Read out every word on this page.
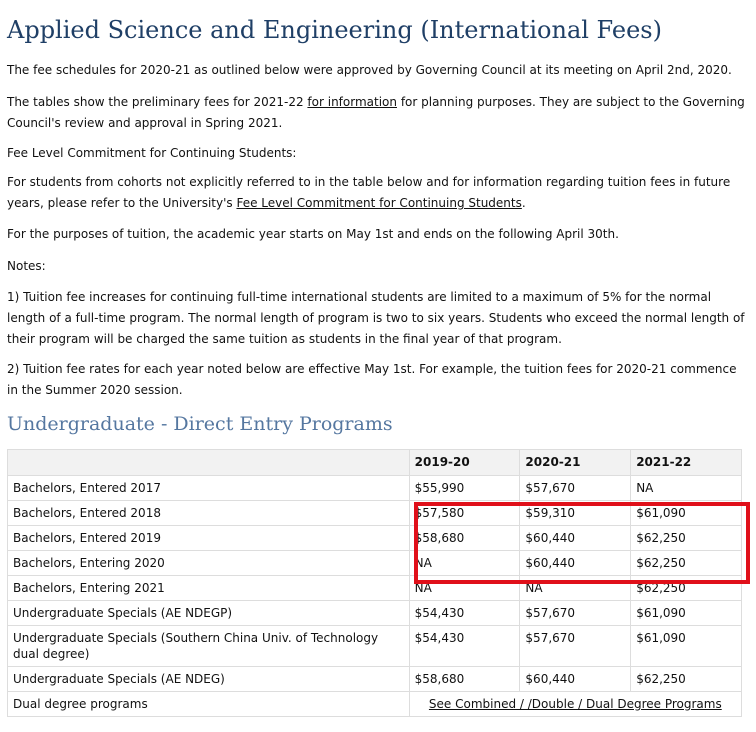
Applied Science and Engineering (International Fees)

The fee schedules for 2020-21 as outlined below were approved by Governing Council at its meeting on April 2nd, 2020.

The tables show the preliminary fees for 2021-22 for information for planning purposes. They are subject to the Governing Council's review and approval in Spring 2021.

Fee Level Commitment for Continuing Students:

For students from cohorts not explicitly referred to in the table below and for information regarding tuition fees in future years, please refer to the University's Fee Level Commitment for Continuing Students.

For the purposes of tuition, the academic year starts on May 1st and ends on the following April 30th.

Notes:

1) Tuition fee increases for continuing full-time international students are limited to a maximum of 5% for the normal length of a full-time program. The normal length of program is two to six years. Students who exceed the normal length of their program will be charged the same tuition as students in the final year of that program.

2) Tuition fee rates for each year noted below are effective May 1st. For example, the tuition fees for 2020-21 commence in the Summer 2020 session.

Undergraduate - Direct Entry Programs
	2019-20	2020-21	2021-22
Bachelors, Entered 2017	$55,990	$57,670	NA
Bachelors, Entered 2018	$57,580	$59,310	$61,090
Bachelors, Entered 2019	$58,680	$60,440	$62,250
Bachelors, Entering 2020	NA	$60,440	$62,250
Bachelors, Entering 2021	NA	NA	$62,250
Undergraduate Specials (AE NDEGP)	$54,430	$57,670	$61,090
Undergraduate Specials (Southern China Univ. of Technology dual degree)	$54,430	$57,670	$61,090
Undergraduate Specials (AE NDEG)	$58,680	$60,440	$62,250
Dual degree programs	See Combined / /Double / Dual Degree Programs		
